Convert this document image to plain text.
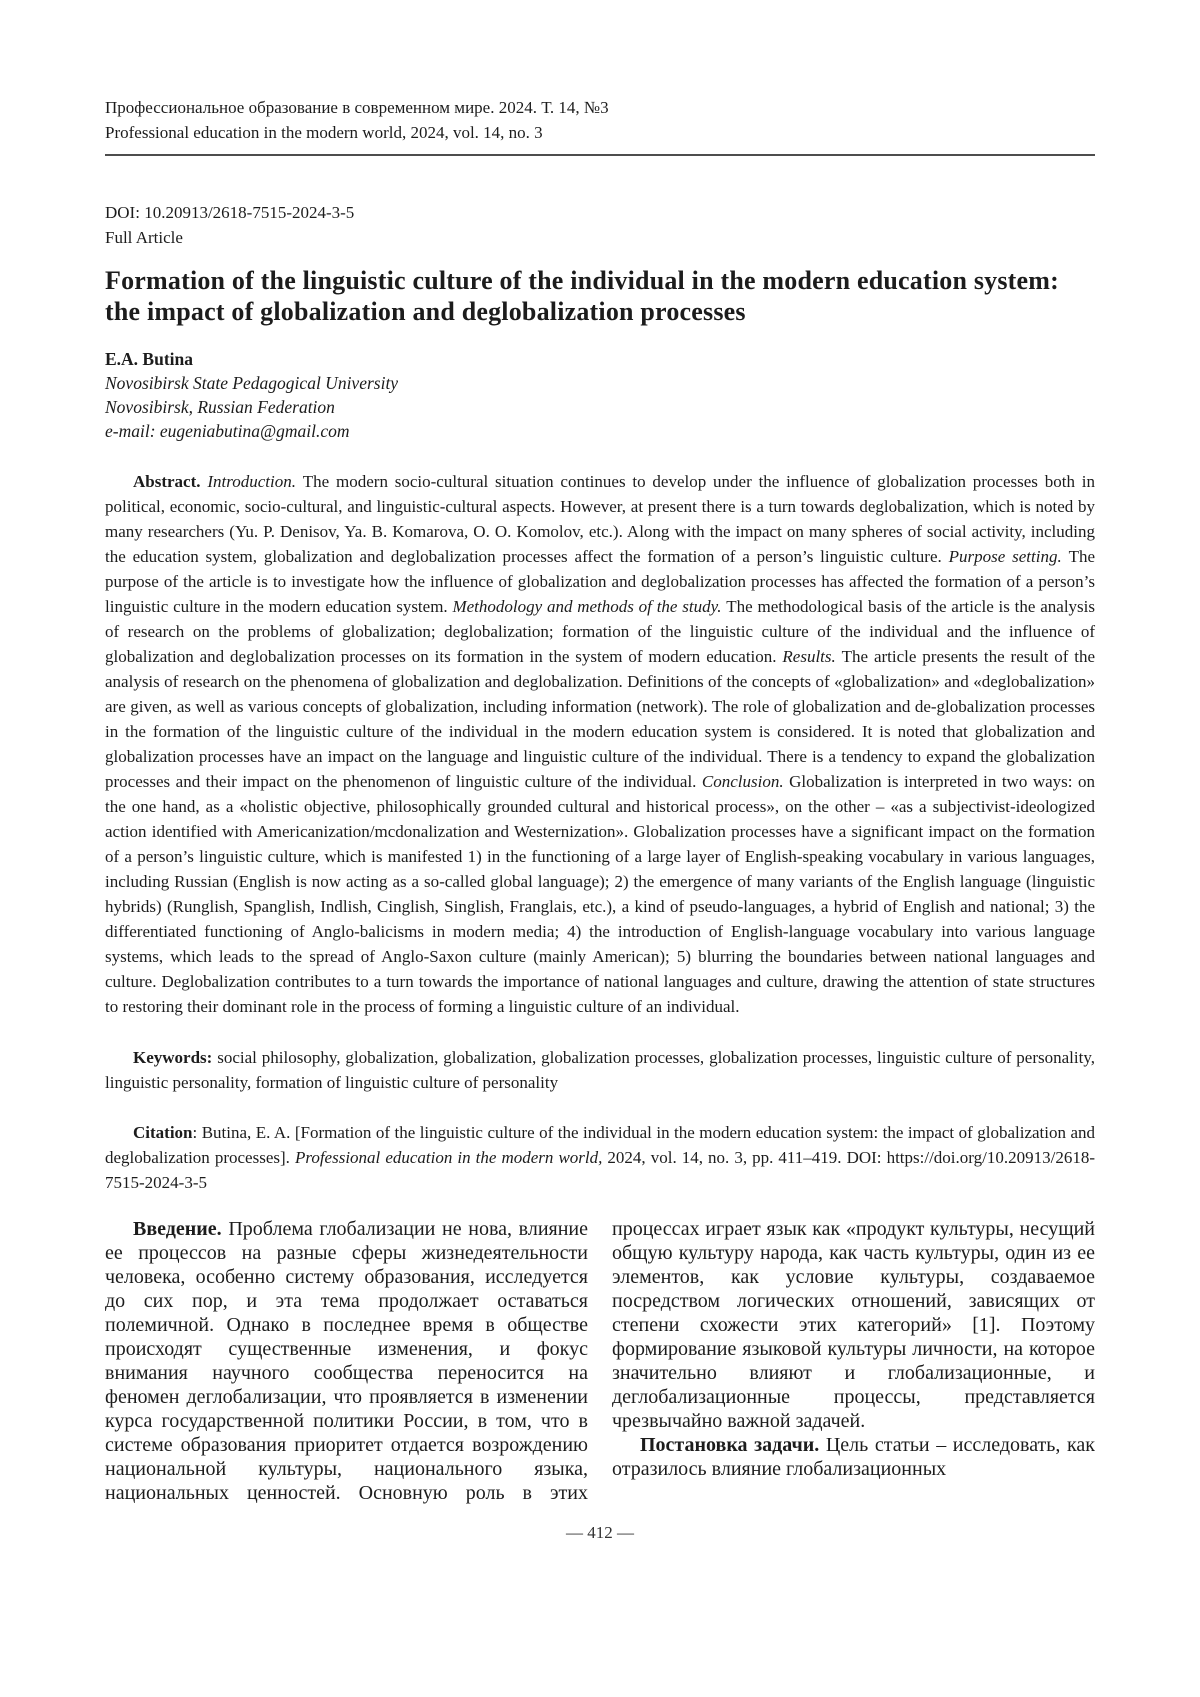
Профессиональное образование в современном мире. 2024. Т. 14, №3
Professional education in the modern world, 2024, vol. 14, no. 3
DOI: 10.20913/2618-7515-2024-3-5
Full Article
Formation of the linguistic culture of the individual in the modern education system: the impact of globalization and deglobalization processes
E.A. Butina
Novosibirsk State Pedagogical University
Novosibirsk, Russian Federation
e-mail: eugeniabutina@gmail.com

Abstract. Introduction. The modern socio-cultural situation continues to develop under the influence of globalization processes both in political, economic, socio-cultural, and linguistic-cultural aspects. However, at present there is a turn towards deglobalization, which is noted by many researchers (Yu. P. Denisov, Ya. B. Komarova, O. O. Komolov, etc.). Along with the impact on many spheres of social activity, including the education system, globalization and deglobalization processes affect the formation of a person’s linguistic culture. Purpose setting. The purpose of the article is to investigate how the influence of globalization and deglobalization processes has affected the formation of a person’s linguistic culture in the modern education system. Methodology and methods of the study. The methodological basis of the article is the analysis of research on the problems of globalization; deglobalization; formation of the linguistic culture of the individual and the influence of globalization and deglobalization processes on its formation in the system of modern education. Results. The article presents the result of the analysis of research on the phenomena of globalization and deglobalization. Definitions of the concepts of «globalization» and «deglobalization» are given, as well as various concepts of globalization, including information (network). The role of globalization and de-globalization processes in the formation of the linguistic culture of the individual in the modern education system is considered. It is noted that globalization and globalization processes have an impact on the language and linguistic culture of the individual. There is a tendency to expand the globalization processes and their impact on the phenomenon of linguistic culture of the individual. Conclusion. Globalization is interpreted in two ways: on the one hand, as a «holistic objective, philosophically grounded cultural and historical process», on the other – «as a subjectivist-ideologized action identified with Americanization/mcdonalization and Westernization». Globalization processes have a significant impact on the formation of a person’s linguistic culture, which is manifested 1) in the functioning of a large layer of English-speaking vocabulary in various languages, including Russian (English is now acting as a so-called global language); 2) the emergence of many variants of the English language (linguistic hybrids) (Runglish, Spanglish, Indlish, Cinglish, Singlish, Franglais, etc.), a kind of pseudo-languages, a hybrid of English and national; 3) the differentiated functioning of Anglo-balicisms in modern media; 4) the introduction of English-language vocabulary into various language systems, which leads to the spread of Anglo-Saxon culture (mainly American); 5) blurring the boundaries between national languages and culture. Deglobalization contributes to a turn towards the importance of national languages and culture, drawing the attention of state structures to restoring their dominant role in the process of forming a linguistic culture of an individual.

Keywords: social philosophy, globalization, globalization, globalization processes, globalization processes, linguistic culture of personality, linguistic personality, formation of linguistic culture of personality

Citation: Butina, E. A. [Formation of the linguistic culture of the individual in the modern education system: the impact of globalization and deglobalization processes]. Professional education in the modern world, 2024, vol. 14, no. 3, pp. 411–419. DOI: https://doi.org/10.20913/2618-7515-2024-3-5

Введение. Проблема глобализации не нова, влияние ее процессов на разные сферы жизнедеятельности человека, особенно систему образования, исследуется до сих пор, и эта тема продолжает оставаться полемичной. Однако в последнее время в обществе происходят существенные изменения, и фокус внимания научного сообщества переносится на феномен деглобализации, что проявляется в изменении курса государственной политики России, в том, что в системе образования приоритет отдается возрождению национальной культуры, национального языка, национальных ценностей. Основную роль в этих процессах играет язык как «продукт культуры, несущий общую культуру народа, как часть культуры, один из ее элементов, как условие культуры, создаваемое посредством логических отношений, зависящих от степени схожести этих категорий» [1]. Поэтому формирование языковой культуры личности, на которое значительно влияют и глобализационные, и деглобализационные процессы, представляется чрезвычайно важной задачей.

Постановка задачи. Цель статьи – исследовать, как отразилось влияние глобализационных

— 412 —
